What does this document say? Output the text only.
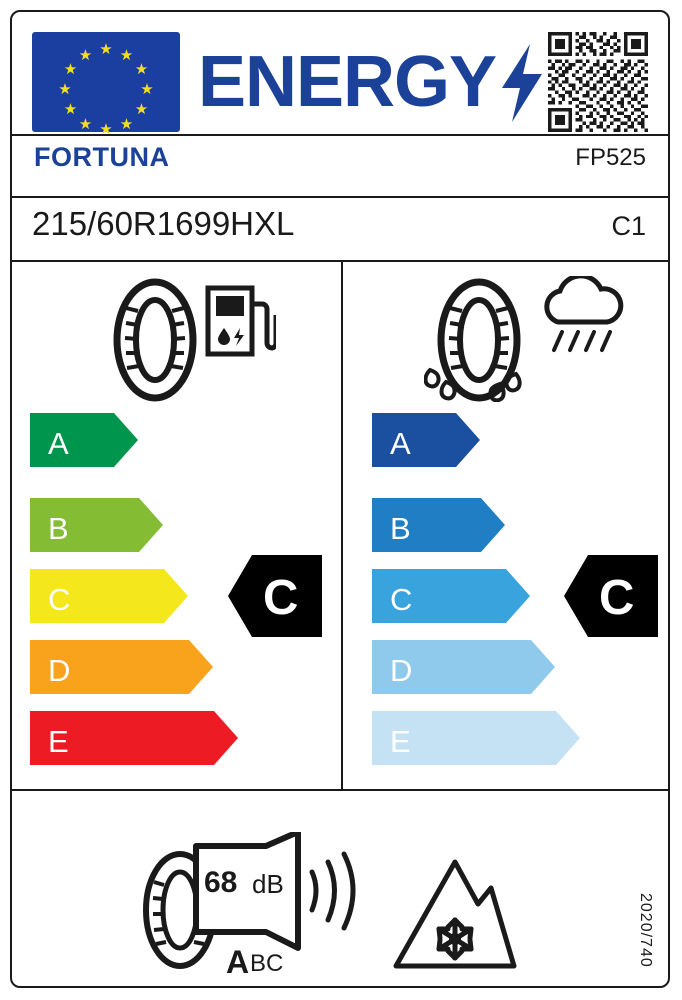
★
★ ★
★	★
★	★
★	★
★ ★
★
ENERGY
FORTUNA	FP525
215/60R1699HXL	C1
A
B
C
D
E
C
A
B
C
D
E
C
68 dB
A BC	2020/740
